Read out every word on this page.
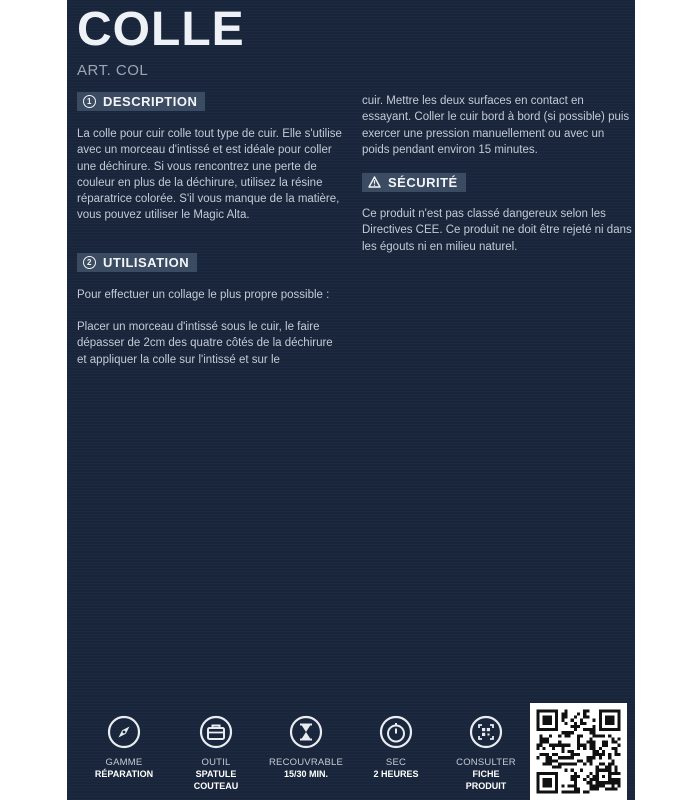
COLLE
ART. COL
1 DESCRIPTION

La colle pour cuir colle tout type de cuir. Elle s'utilise avec un morceau d'intissé et est idéale pour coller une déchirure. Si vous rencontrez une perte de couleur en plus de la déchirure, utilisez la résine réparatrice colorée. S'il vous manque de la matière, vous pouvez utiliser le Magic Alta.

2 UTILISATION

Pour effectuer un collage le plus propre possible :

Placer un morceau d'intissé sous le cuir, le faire dépasser de 2cm des quatre côtés de la déchirure et appliquer la colle sur l'intissé et sur le

cuir. Mettre les deux surfaces en contact en essayant. Coller le cuir bord à bord (si possible) puis exercer une pression manuellement ou avec un poids pendant environ 15 minutes.

SÉCURITÉ

Ce produit n'est pas classé dangereux selon les Directives CEE. Ce produit ne doit être rejeté ni dans les égouts ni en milieu naturel.

GAMME
RÉPARATION
OUTIL
SPATULE
COUTEAU
RECOUVRABLE
15/30 MIN.
SEC
2 HEURES
CONSULTER
FICHE
PRODUIT
